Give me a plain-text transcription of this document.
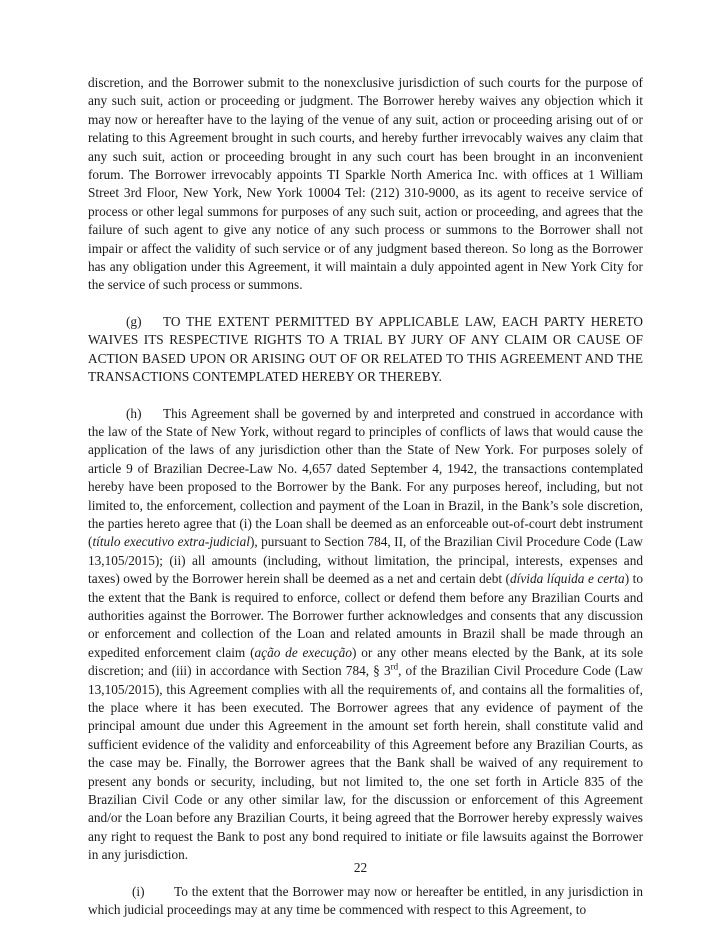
discretion, and the Borrower submit to the nonexclusive jurisdiction of such courts for the purpose of any such suit, action or proceeding or judgment. The Borrower hereby waives any objection which it may now or hereafter have to the laying of the venue of any suit, action or proceeding arising out of or relating to this Agreement brought in such courts, and hereby further irrevocably waives any claim that any such suit, action or proceeding brought in any such court has been brought in an inconvenient forum. The Borrower irrevocably appoints TI Sparkle North America Inc. with offices at 1 William Street 3rd Floor, New York, New York 10004 Tel: (212) 310-9000, as its agent to receive service of process or other legal summons for purposes of any such suit, action or proceeding, and agrees that the failure of such agent to give any notice of any such process or summons to the Borrower shall not impair or affect the validity of such service or of any judgment based thereon. So long as the Borrower has any obligation under this Agreement, it will maintain a duly appointed agent in New York City for the service of such process or summons.

(g) TO THE EXTENT PERMITTED BY APPLICABLE LAW, EACH PARTY HERETO WAIVES ITS RESPECTIVE RIGHTS TO A TRIAL BY JURY OF ANY CLAIM OR CAUSE OF ACTION BASED UPON OR ARISING OUT OF OR RELATED TO THIS AGREEMENT AND THE TRANSACTIONS CONTEMPLATED HEREBY OR THEREBY.

(h) This Agreement shall be governed by and interpreted and construed in accordance with the law of the State of New York, without regard to principles of conflicts of laws that would cause the application of the laws of any jurisdiction other than the State of New York. For purposes solely of article 9 of Brazilian Decree-Law No. 4,657 dated September 4, 1942, the transactions contemplated hereby have been proposed to the Borrower by the Bank. For any purposes hereof, including, but not limited to, the enforcement, collection and payment of the Loan in Brazil, in the Bank’s sole discretion, the parties hereto agree that (i) the Loan shall be deemed as an enforceable out-of-court debt instrument (título executivo extra-judicial), pursuant to Section 784, II, of the Brazilian Civil Procedure Code (Law 13,105/2015); (ii) all amounts (including, without limitation, the principal, interests, expenses and taxes) owed by the Borrower herein shall be deemed as a net and certain debt (dívida líquida e certa) to the extent that the Bank is required to enforce, collect or defend them before any Brazilian Courts and authorities against the Borrower. The Borrower further acknowledges and consents that any discussion or enforcement and collection of the Loan and related amounts in Brazil shall be made through an expedited enforcement claim (ação de execução) or any other means elected by the Bank, at its sole discretion; and (iii) in accordance with Section 784, § 3rd, of the Brazilian Civil Procedure Code (Law 13,105/2015), this Agreement complies with all the requirements of, and contains all the formalities of, the place where it has been executed. The Borrower agrees that any evidence of payment of the principal amount due under this Agreement in the amount set forth herein, shall constitute valid and sufficient evidence of the validity and enforceability of this Agreement before any Brazilian Courts, as the case may be. Finally, the Borrower agrees that the Bank shall be waived of any requirement to present any bonds or security, including, but not limited to, the one set forth in Article 835 of the Brazilian Civil Code or any other similar law, for the discussion or enforcement of this Agreement and/or the Loan before any Brazilian Courts, it being agreed that the Borrower hereby expressly waives any right to request the Bank to post any bond required to initiate or file lawsuits against the Borrower in any jurisdiction.

(i) To the extent that the Borrower may now or hereafter be entitled, in any jurisdiction in which judicial proceedings may at any time be commenced with respect to this Agreement, to

22
